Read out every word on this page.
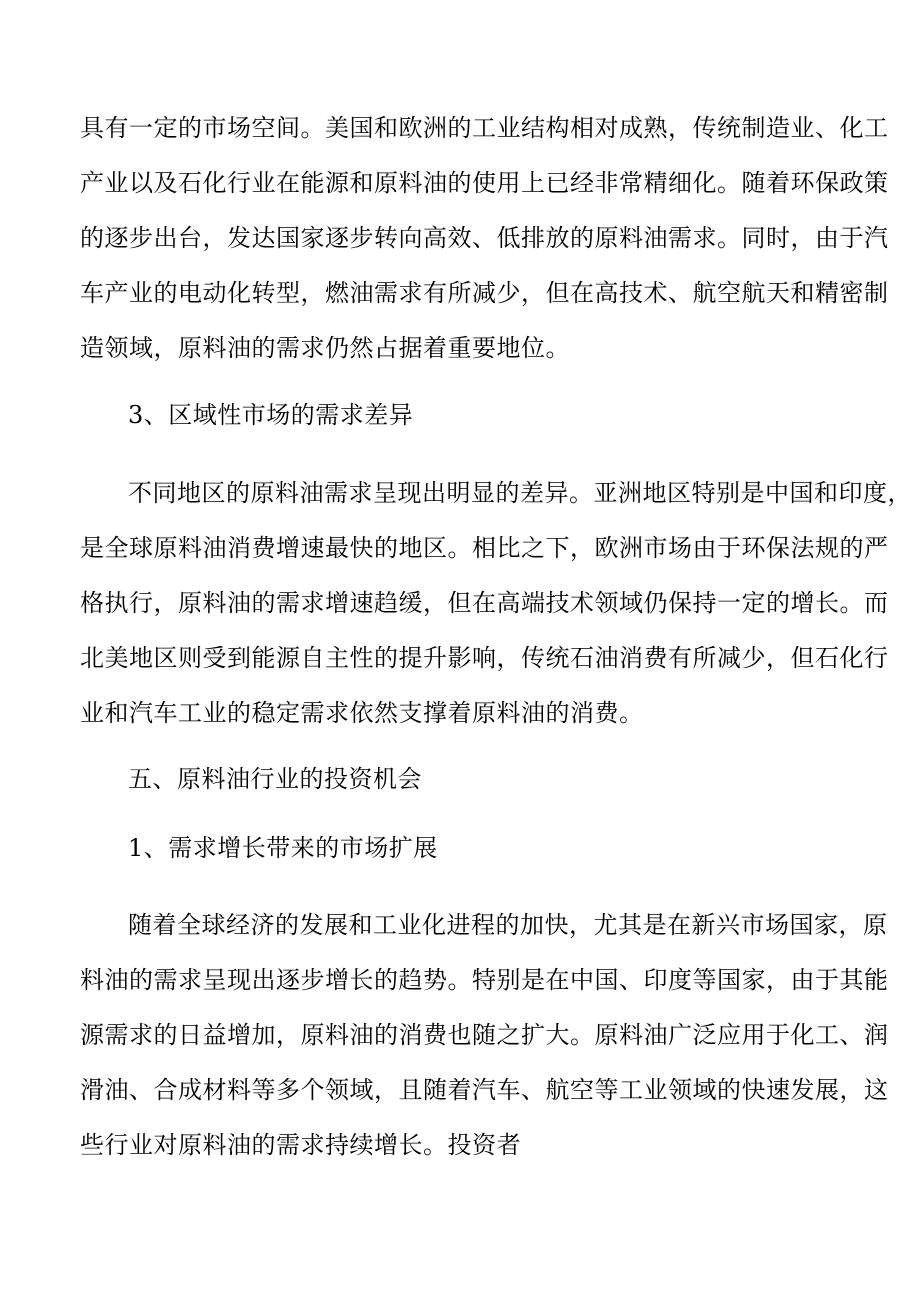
具有一定的市场空间。美国和欧洲的工业结构相对成熟，传统制造业、化工
产业以及石化行业在能源和原料油的使用上已经非常精细化。随着环保政策
的逐步出台，发达国家逐步转向高效、低排放的原料油需求。同时，由于汽
车产业的电动化转型，燃油需求有所减少，但在高技术、航空航天和精密制
造领域，原料油的需求仍然占据着重要地位。
3、区域性市场的需求差异
不同地区的原料油需求呈现出明显的差异。亚洲地区特别是中国和印度，
是全球原料油消费增速最快的地区。相比之下，欧洲市场由于环保法规的严
格执行，原料油的需求增速趋缓，但在高端技术领域仍保持一定的增长。而
北美地区则受到能源自主性的提升影响，传统石油消费有所减少，但石化行
业和汽车工业的稳定需求依然支撑着原料油的消费。
五、原料油行业的投资机会
1、需求增长带来的市场扩展
随着全球经济的发展和工业化进程的加快，尤其是在新兴市场国家，原
料油的需求呈现出逐步增长的趋势。特别是在中国、印度等国家，由于其能
源需求的日益增加，原料油的消费也随之扩大。原料油广泛应用于化工、润
滑油、合成材料等多个领域，且随着汽车、航空等工业领域的快速发展，这
些行业对原料油的需求持续增长。投资者
